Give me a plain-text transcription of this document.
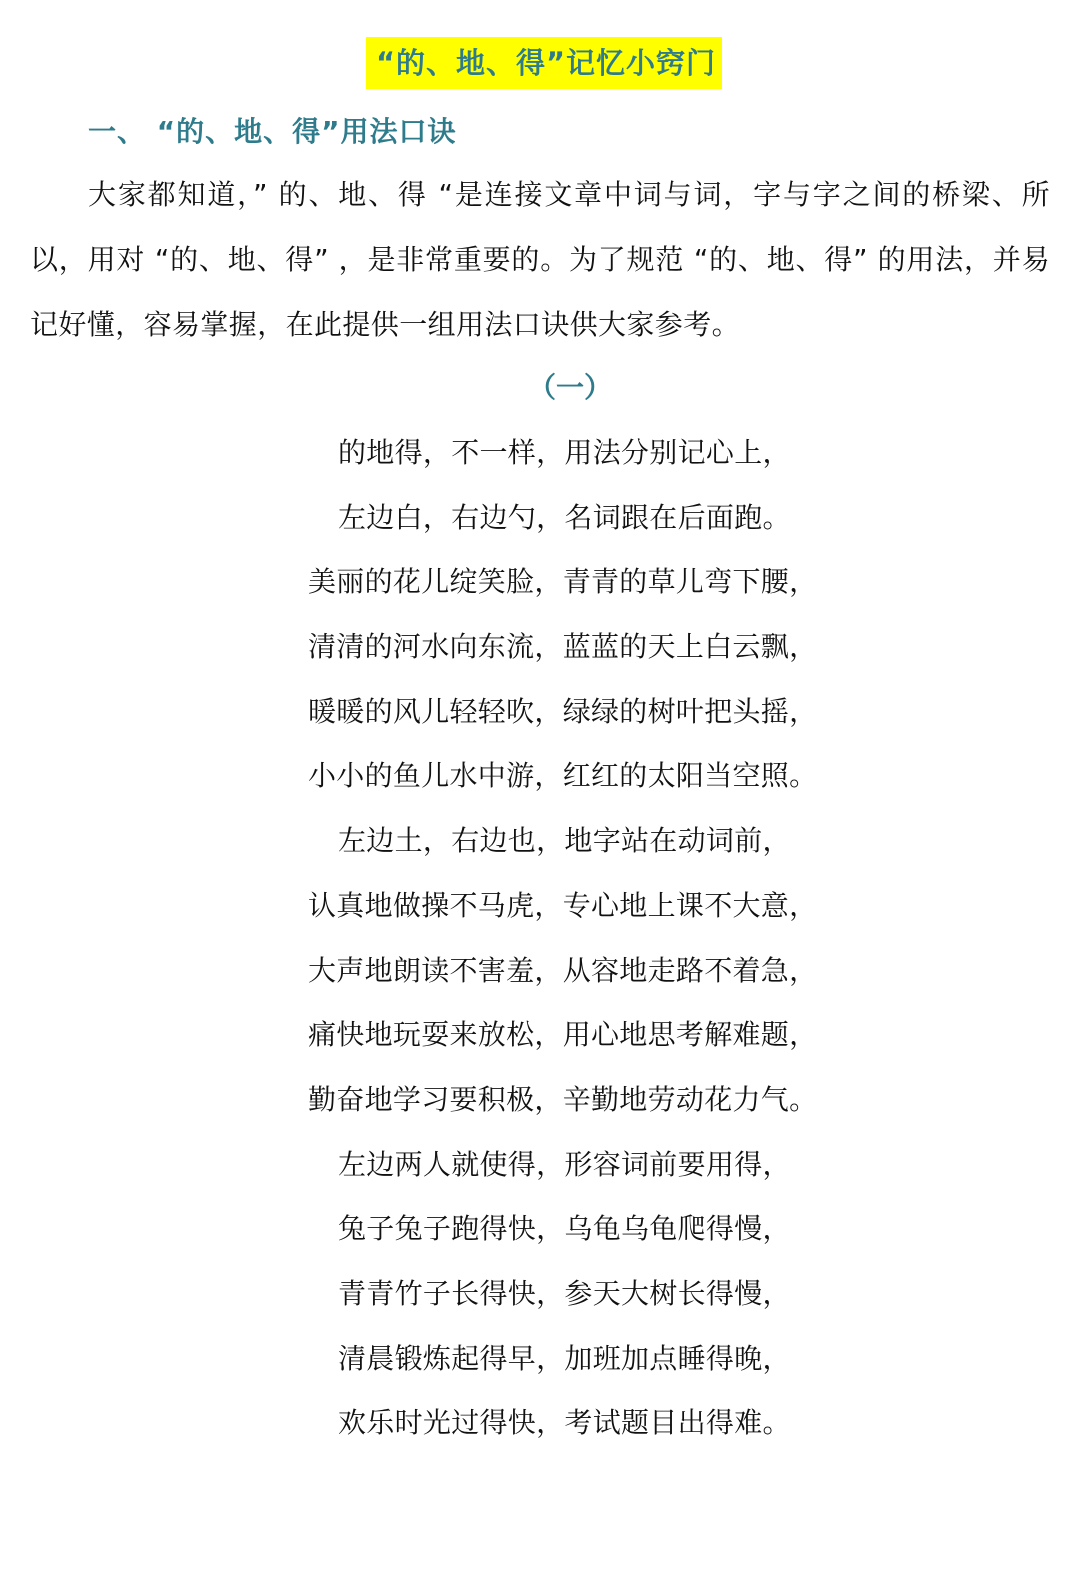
“的、地、得”记忆小窍门
一、 “的、地、得”用法口诀

大家都知道，” 的、地、得 “是连接文章中词与词，字与字之间的桥梁、所以，用对 “的、地、得” ，是非常重要的。为了规范 “的、地、得” 的用法，并易记好懂，容易掌握，在此提供一组用法口诀供大家参考。

（一）
的地得，不一样，用法分别记心上，
左边白，右边勺，名词跟在后面跑。
美丽的花儿绽笑脸，青青的草儿弯下腰，
清清的河水向东流，蓝蓝的天上白云飘，
暖暖的风儿轻轻吹，绿绿的树叶把头摇，
小小的鱼儿水中游，红红的太阳当空照。
左边土，右边也，地字站在动词前，
认真地做操不马虎，专心地上课不大意，
大声地朗读不害羞，从容地走路不着急，
痛快地玩耍来放松，用心地思考解难题，
勤奋地学习要积极，辛勤地劳动花力气。
左边两人就使得，形容词前要用得，
兔子兔子跑得快，乌龟乌龟爬得慢，
青青竹子长得快，参天大树长得慢，
清晨锻炼起得早，加班加点睡得晚，
欢乐时光过得快，考试题目出得难。
